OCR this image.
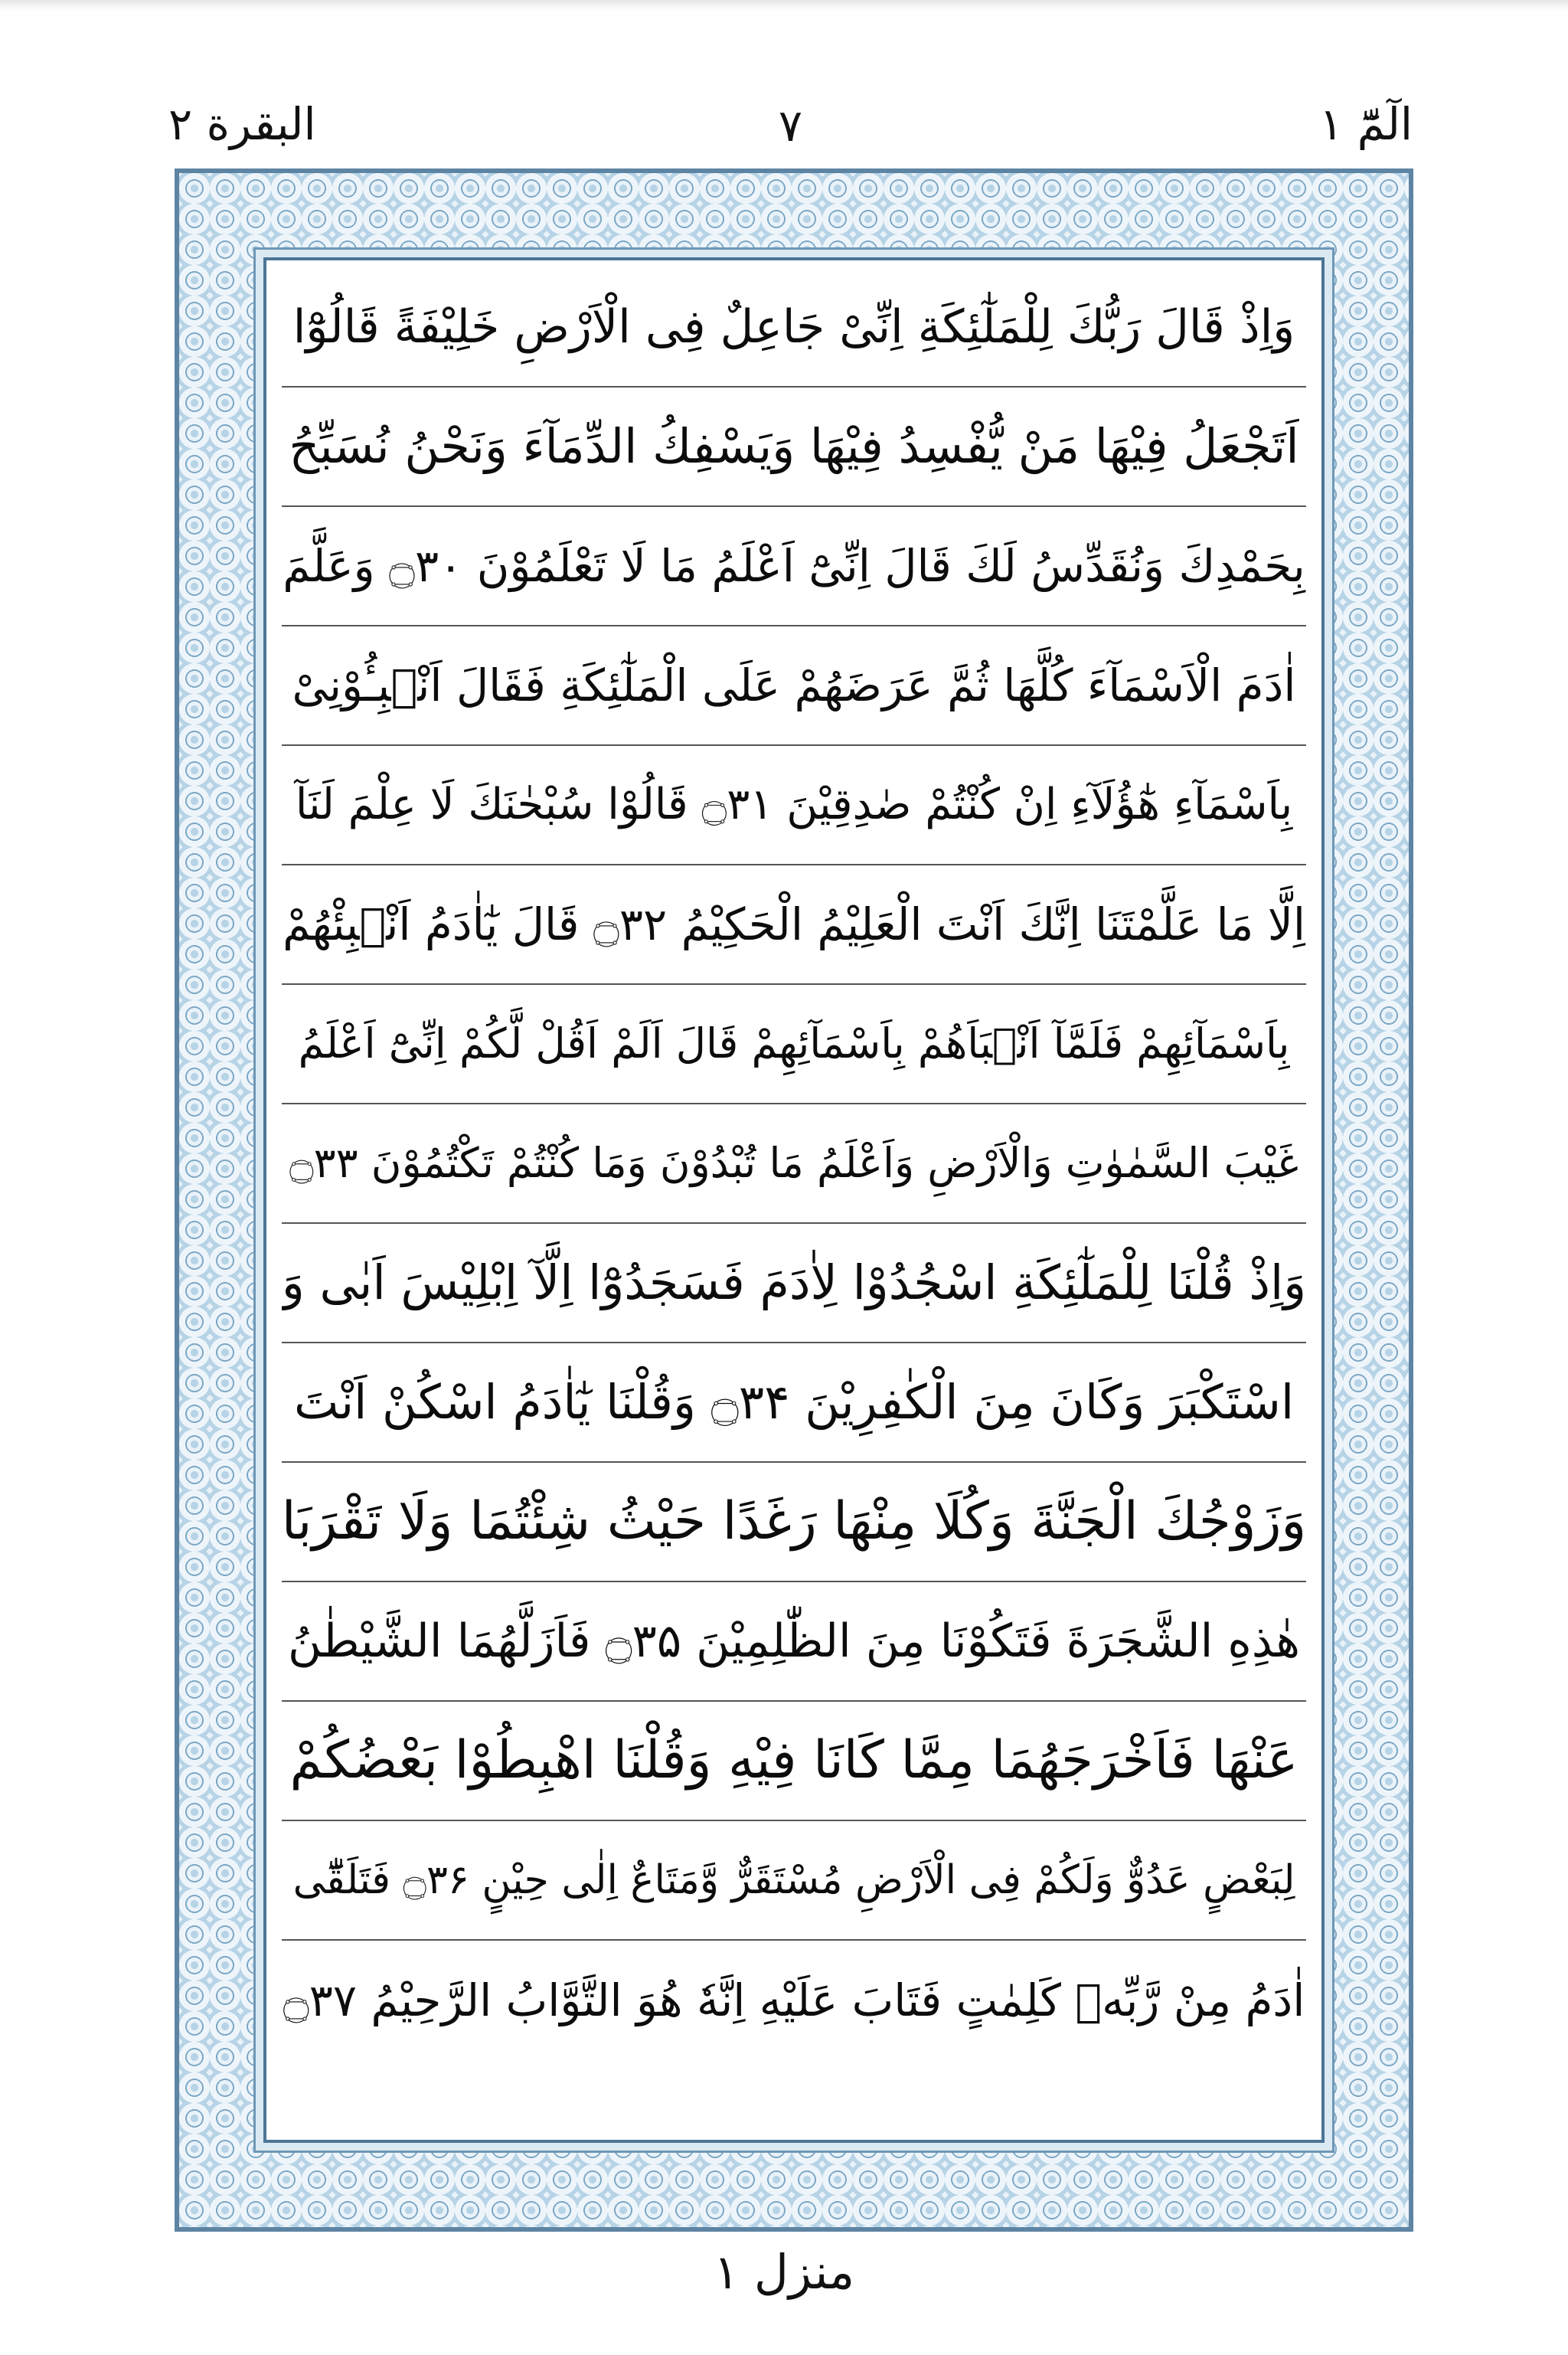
البقرة ۲	۷	الٓمّٓ ۱
وَاِذْ قَالَ رَبُّكَ لِلْمَلٰٓئِكَةِ اِنِّیْ جَاعِلٌ فِی الْاَرْضِ خَلِیْفَةً قَالُوْٓا
اَتَجْعَلُ فِیْهَا مَنْ یُّفْسِدُ فِیْهَا وَیَسْفِكُ الدِّمَآءَ وَنَحْنُ نُسَبِّحُ
بِحَمْدِكَ وَنُقَدِّسُ لَكَ قَالَ اِنِّیْٓ اَعْلَمُ مَا لَا تَعْلَمُوْنَ ۝۳۰ وَعَلَّمَ
اٰدَمَ الْاَسْمَآءَ كُلَّهَا ثُمَّ عَرَضَهُمْ عَلَی الْمَلٰٓئِكَةِ فَقَالَ اَنْۢبِـُٔوْنِیْ
بِاَسْمَآءِ هٰٓؤُلَآءِ اِنْ كُنْتُمْ صٰدِقِیْنَ ۝۳۱ قَالُوْا سُبْحٰنَكَ لَا عِلْمَ لَنَآ
اِلَّا مَا عَلَّمْتَنَا اِنَّكَ اَنْتَ الْعَلِیْمُ الْحَكِیْمُ ۝۳۲ قَالَ یٰٓاٰدَمُ اَنْۢبِئْهُمْ
بِاَسْمَآئِهِمْ فَلَمَّآ اَنْۢبَاَهُمْ بِاَسْمَآئِهِمْ قَالَ اَلَمْ اَقُلْ لَّكُمْ اِنِّیْٓ اَعْلَمُ
غَیْبَ السَّمٰوٰتِ وَالْاَرْضِ وَاَعْلَمُ مَا تُبْدُوْنَ وَمَا كُنْتُمْ تَكْتُمُوْنَ ۝۳۳
وَاِذْ قُلْنَا لِلْمَلٰٓئِكَةِ اسْجُدُوْا لِاٰدَمَ فَسَجَدُوْٓا اِلَّآ اِبْلِیْسَ اَبٰی وَ
اسْتَكْبَرَ وَكَانَ مِنَ الْكٰفِرِیْنَ ۝۳۴ وَقُلْنَا یٰٓاٰدَمُ اسْكُنْ اَنْتَ
وَزَوْجُكَ الْجَنَّةَ وَكُلَا مِنْهَا رَغَدًا حَیْثُ شِئْتُمَا وَلَا تَقْرَبَا
هٰذِهِ الشَّجَرَةَ فَتَكُوْنَا مِنَ الظّٰلِمِیْنَ ۝۳۵ فَاَزَلَّهُمَا الشَّیْطٰنُ
عَنْهَا فَاَخْرَجَهُمَا مِمَّا كَانَا فِیْهِ وَقُلْنَا اهْبِطُوْا بَعْضُكُمْ
لِبَعْضٍ عَدُوٌّ وَلَكُمْ فِی الْاَرْضِ مُسْتَقَرٌّ وَّمَتَاعٌ اِلٰی حِیْنٍ ۝۳۶ فَتَلَقّٰٓی
اٰدَمُ مِنْ رَّبِّهٖ كَلِمٰتٍ فَتَابَ عَلَیْهِ اِنَّهٗ هُوَ التَّوَّابُ الرَّحِیْمُ ۝۳۷
منزل ۱
